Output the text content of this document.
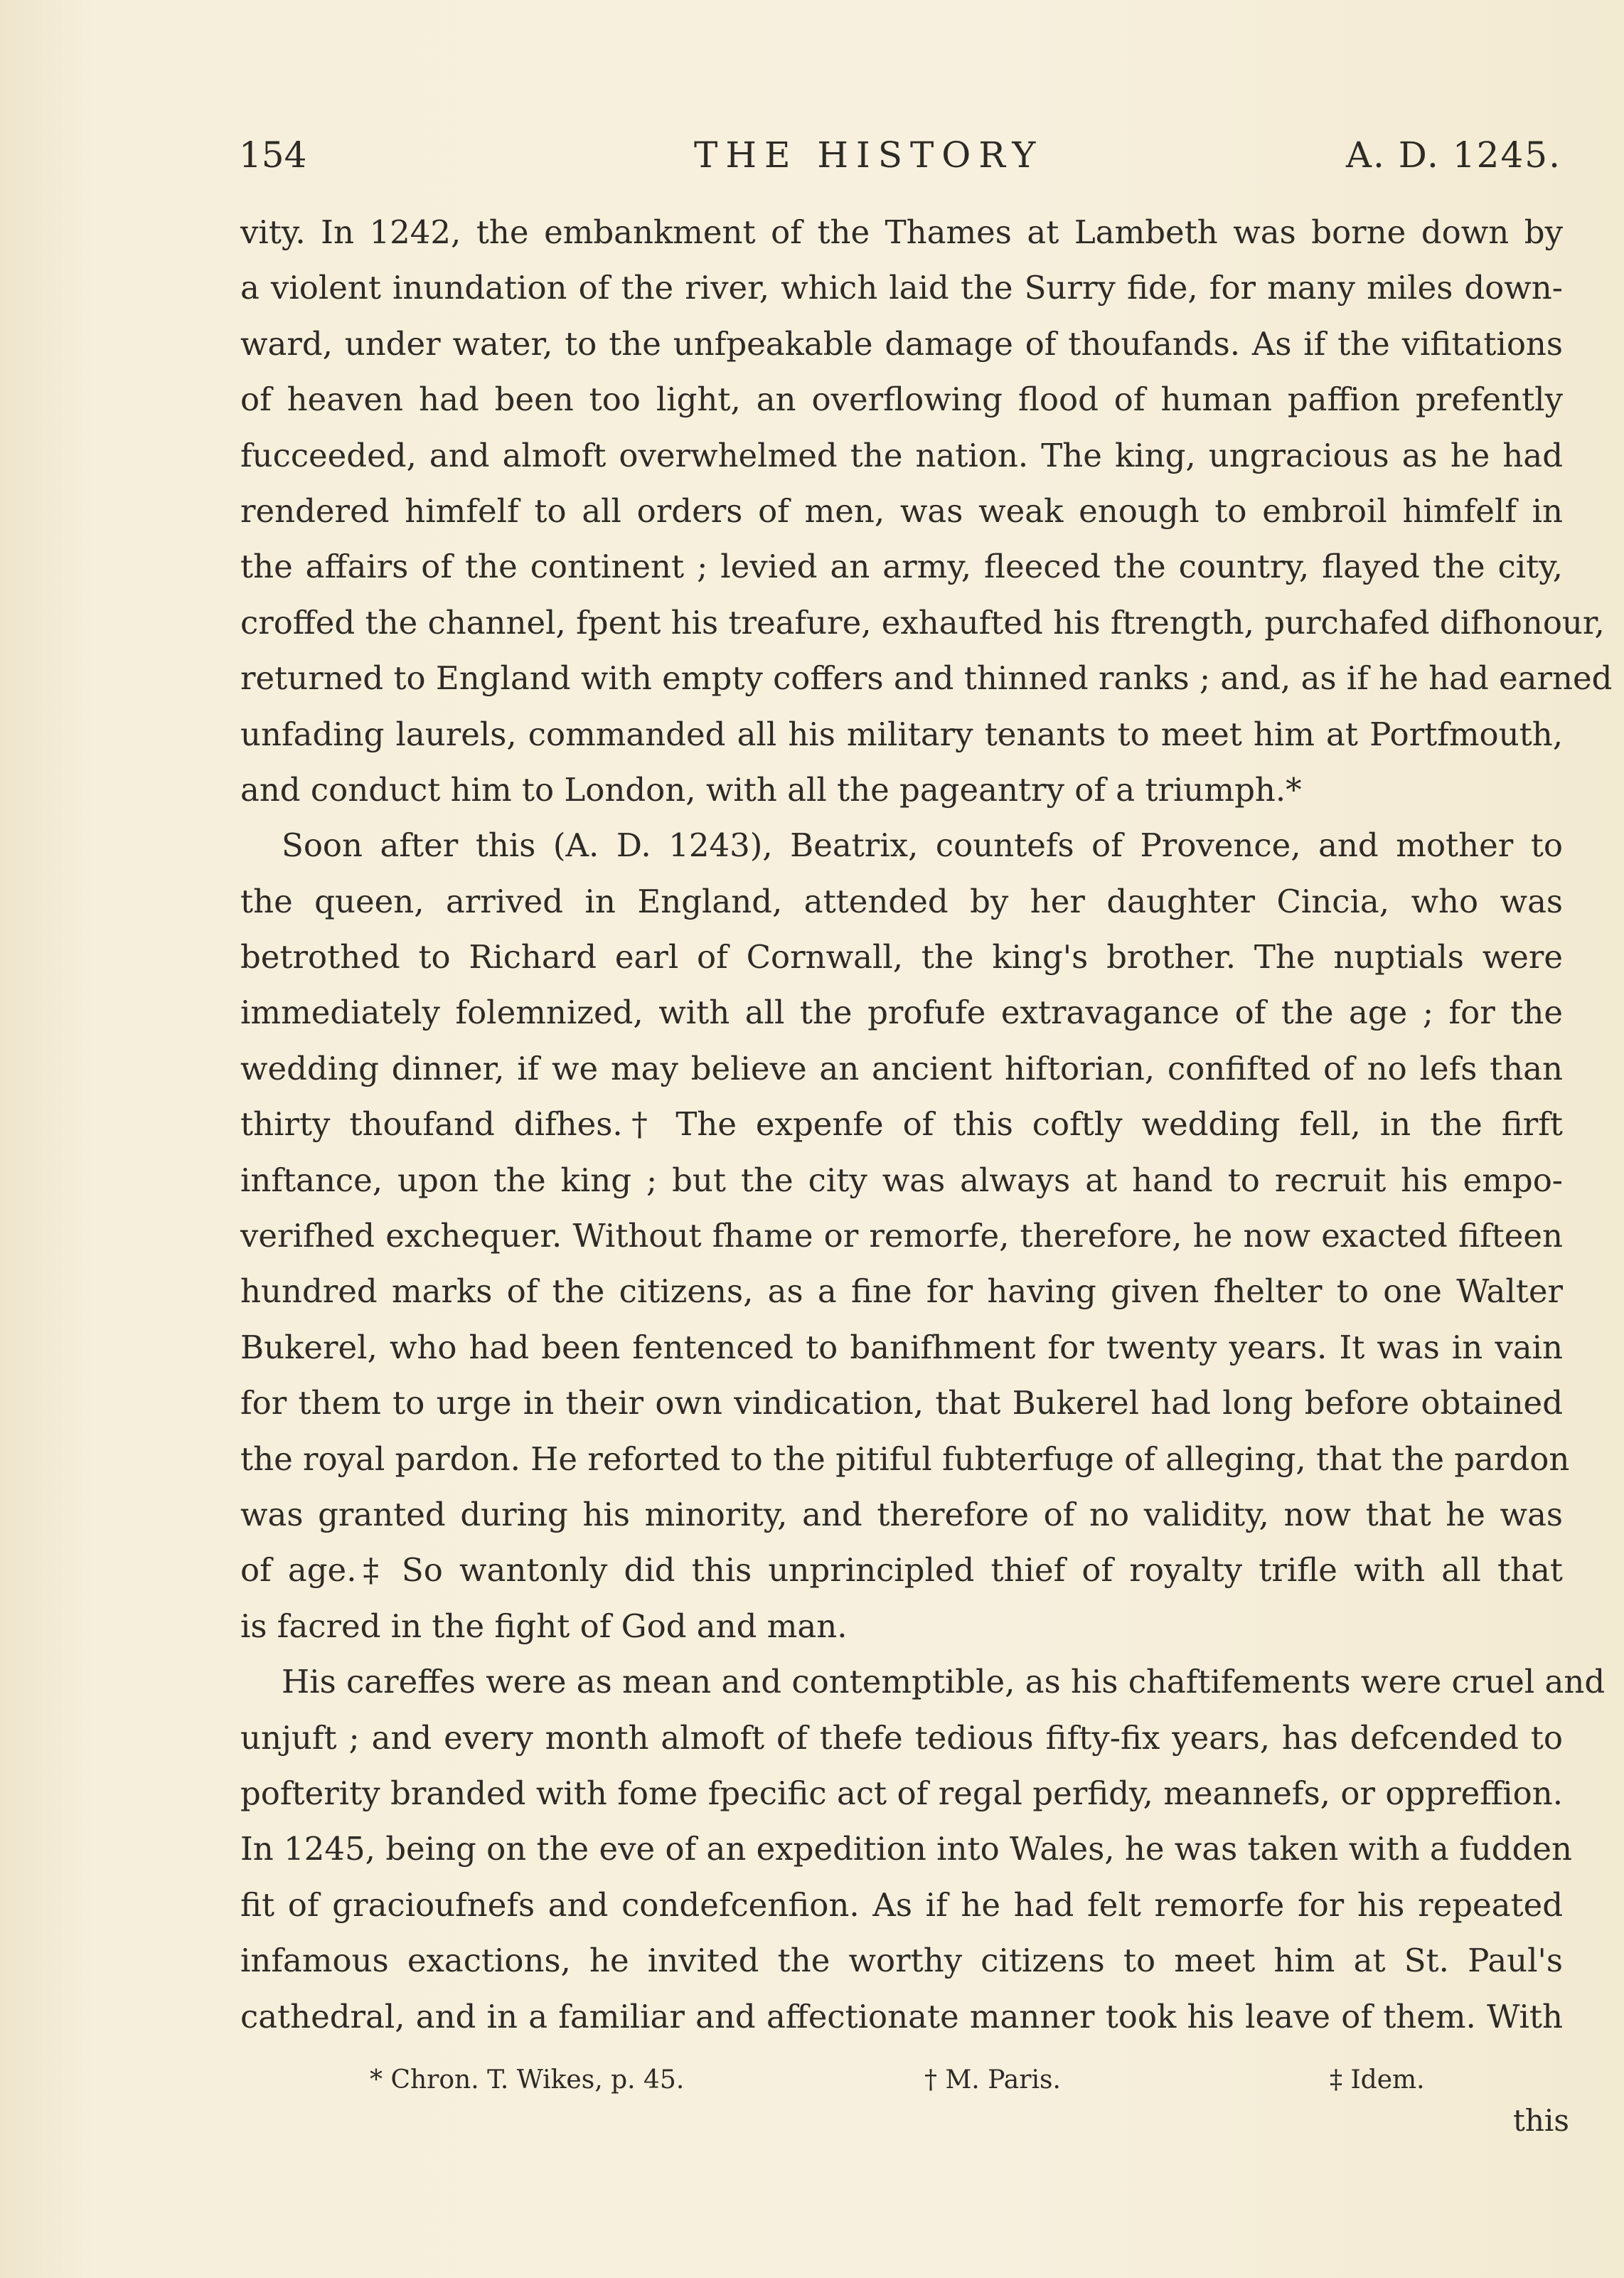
154	THE HISTORY	A. D. 1245.
vity. In 1242, the embankment of the Thames at Lambeth was borne down by
a violent inundation of the river, which laid the Surry fide, for many miles down-
ward, under water, to the unfpeakable damage of thoufands. As if the vifitations
of heaven had been too light, an overflowing flood of human paffion prefently
fucceeded, and almoft overwhelmed the nation. The king, ungracious as he had
rendered himfelf to all orders of men, was weak enough to embroil himfelf in
the affairs of the continent ; levied an army, fleeced the country, flayed the city,
croffed the channel, fpent his treafure, exhaufted his ftrength, purchafed difhonour,
returned to England with empty coffers and thinned ranks ; and, as if he had earned
unfading laurels, commanded all his military tenants to meet him at Portfmouth,
and conduct him to London, with all the pageantry of a triumph.*
Soon after this (A. D. 1243), Beatrix, countefs of Provence, and mother to
the queen, arrived in England, attended by her daughter Cincia, who was
betrothed to Richard earl of Cornwall, the king's brother. The nuptials were
immediately folemnized, with all the profufe extravagance of the age ; for the
wedding dinner, if we may believe an ancient hiftorian, confifted of no lefs than
thirty thoufand difhes.† The expenfe of this coftly wedding fell, in the firft
inftance, upon the king ; but the city was always at hand to recruit his empo-
verifhed exchequer. Without fhame or remorfe, therefore, he now exacted fifteen
hundred marks of the citizens, as a fine for having given fhelter to one Walter
Bukerel, who had been fentenced to banifhment for twenty years. It was in vain
for them to urge in their own vindication, that Bukerel had long before obtained
the royal pardon. He reforted to the pitiful fubterfuge of alleging, that the pardon
was granted during his minority, and therefore of no validity, now that he was
of age.‡ So wantonly did this unprincipled thief of royalty trifle with all that
is facred in the fight of God and man.
His careffes were as mean and contemptible, as his chaftifements were cruel and
unjuft ; and every month almoft of thefe tedious fifty-fix years, has defcended to
pofterity branded with fome fpecific act of regal perfidy, meannefs, or oppreffion.
In 1245, being on the eve of an expedition into Wales, he was taken with a fudden
fit of gracioufnefs and condefcenfion. As if he had felt remorfe for his repeated
infamous exactions, he invited the worthy citizens to meet him at St. Paul's
cathedral, and in a familiar and affectionate manner took his leave of them. With
* Chron. T. Wikes, p. 45.	† M. Paris.	‡ Idem.
this
